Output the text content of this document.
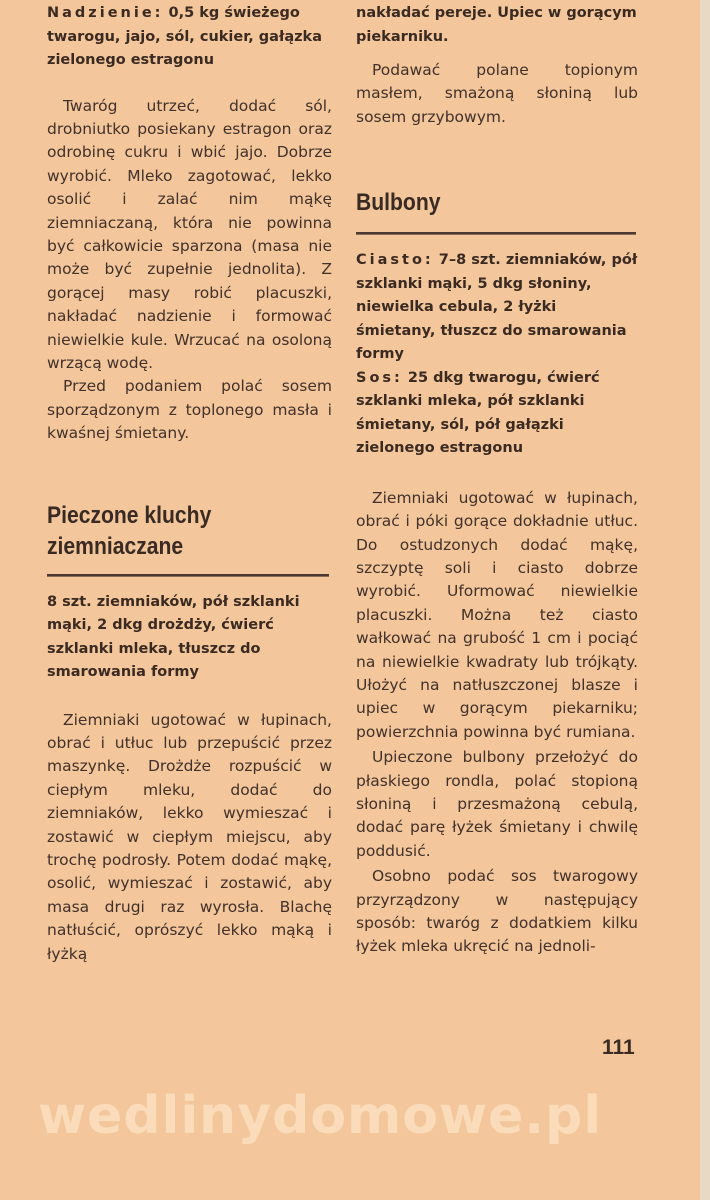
Nadzienie: 0,5 kg świeżego twarogu, jajo, sól, cukier, gałązka zielonego estragonu

Twaróg utrzeć, dodać sól, drobniutko posiekany estragon oraz odrobinę cukru i wbić jajo. Dobrze wyrobić. Mleko zagotować, lekko osolić i zalać nim mąkę ziemniaczaną, która nie powinna być całkowicie sparzona (masa nie może być zupełnie jednolita). Z gorącej masy robić placuszki, nakładać nadzienie i formować niewielkie kule. Wrzucać na osoloną wrzącą wodę.

Przed podaniem polać sosem sporządzonym z toplonego masła i kwaśnej śmietany.

Pieczone kluchy

ziemniaczane

8 szt. ziemniaków, pół szklanki mąki, 2 dkg drożdży, ćwierć szklanki mleka, tłuszcz do smarowania formy

Ziemniaki ugotować w łupinach, obrać i utłuc lub przepuścić przez maszynkę. Drożdże rozpuścić w ciepłym mleku, dodać do ziemniaków, lekko wymieszać i zostawić w ciepłym miejscu, aby trochę podrosły. Potem dodać mąkę, osolić, wymieszać i zostawić, aby masa drugi raz wyrosła. Blachę natłuścić, oprószyć lekko mąką i łyżką

nakładać pereje. Upiec w gorącym piekarniku.

Podawać polane topionym masłem, smażoną słoniną lub sosem grzybowym.

Bulbony

Ciasto: 7–8 szt. ziemniaków, pół szklanki mąki, 5 dkg słoniny, niewielka cebula, 2 łyżki śmietany, tłuszcz do smarowania formy

Sos: 25 dkg twarogu, ćwierć szklanki mleka, pół szklanki śmietany, sól, pół gałązki zielonego estragonu

Ziemniaki ugotować w łupinach, obrać i póki gorące dokładnie utłuc. Do ostudzonych dodać mąkę, szczyptę soli i ciasto dobrze wyrobić. Uformować niewielkie placuszki. Można też ciasto wałkować na grubość 1 cm i pociąć na niewielkie kwadraty lub trójkąty. Ułożyć na natłuszczonej blasze i upiec w gorącym piekarniku; powierzchnia powinna być rumiana.

Upieczone bulbony przełożyć do płaskiego rondla, polać stopioną słoniną i przesmażoną cebulą, dodać parę łyżek śmietany i chwilę poddusić.

Osobno podać sos twarogowy przyrządzony w następujący sposób: twaróg z dodatkiem kilku łyżek mleka ukręcić na jednoli-

111
wedlinydomowe.pl
